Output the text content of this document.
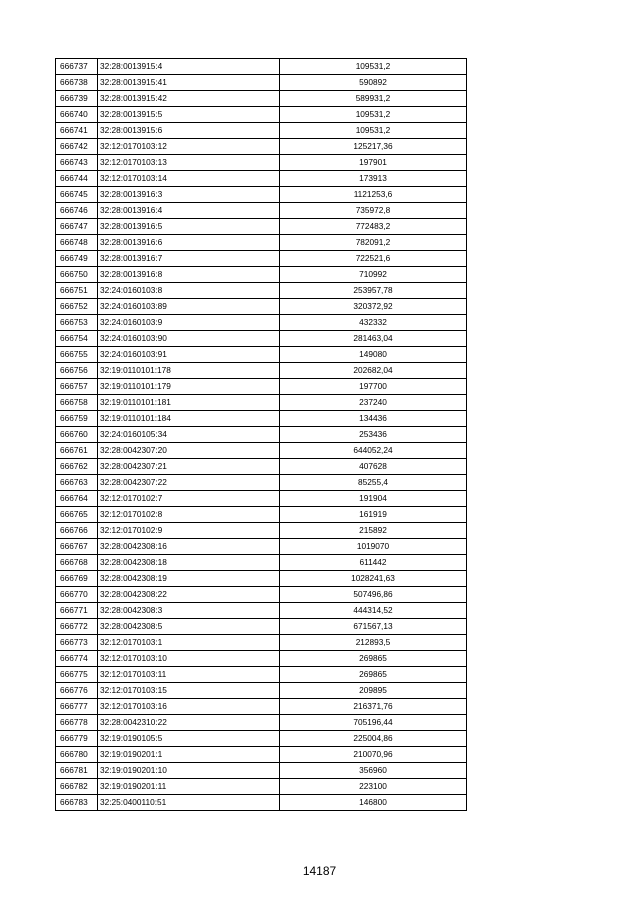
666737	32:28:0013915:4	109531,2
666738	32:28:0013915:41	590892
666739	32:28:0013915:42	589931,2
666740	32:28:0013915:5	109531,2
666741	32:28:0013915:6	109531,2
666742	32:12:0170103:12	125217,36
666743	32:12:0170103:13	197901
666744	32:12:0170103:14	173913
666745	32:28:0013916:3	1121253,6
666746	32:28:0013916:4	735972,8
666747	32:28:0013916:5	772483,2
666748	32:28:0013916:6	782091,2
666749	32:28:0013916:7	722521,6
666750	32:28:0013916:8	710992
666751	32:24:0160103:8	253957,78
666752	32:24:0160103:89	320372,92
666753	32:24:0160103:9	432332
666754	32:24:0160103:90	281463,04
666755	32:24:0160103:91	149080
666756	32:19:0110101:178	202682,04
666757	32:19:0110101:179	197700
666758	32:19:0110101:181	237240
666759	32:19:0110101:184	134436
666760	32:24:0160105:34	253436
666761	32:28:0042307:20	644052,24
666762	32:28:0042307:21	407628
666763	32:28:0042307:22	85255,4
666764	32:12:0170102:7	191904
666765	32:12:0170102:8	161919
666766	32:12:0170102:9	215892
666767	32:28:0042308:16	1019070
666768	32:28:0042308:18	611442
666769	32:28:0042308:19	1028241,63
666770	32:28:0042308:22	507496,86
666771	32:28:0042308:3	444314,52
666772	32:28:0042308:5	671567,13
666773	32:12:0170103:1	212893,5
666774	32:12:0170103:10	269865
666775	32:12:0170103:11	269865
666776	32:12:0170103:15	209895
666777	32:12:0170103:16	216371,76
666778	32:28:0042310:22	705196,44
666779	32:19:0190105:5	225004,86
666780	32:19:0190201:1	210070,96
666781	32:19:0190201:10	356960
666782	32:19:0190201:11	223100
666783	32:25:0400110:51	146800
14187
